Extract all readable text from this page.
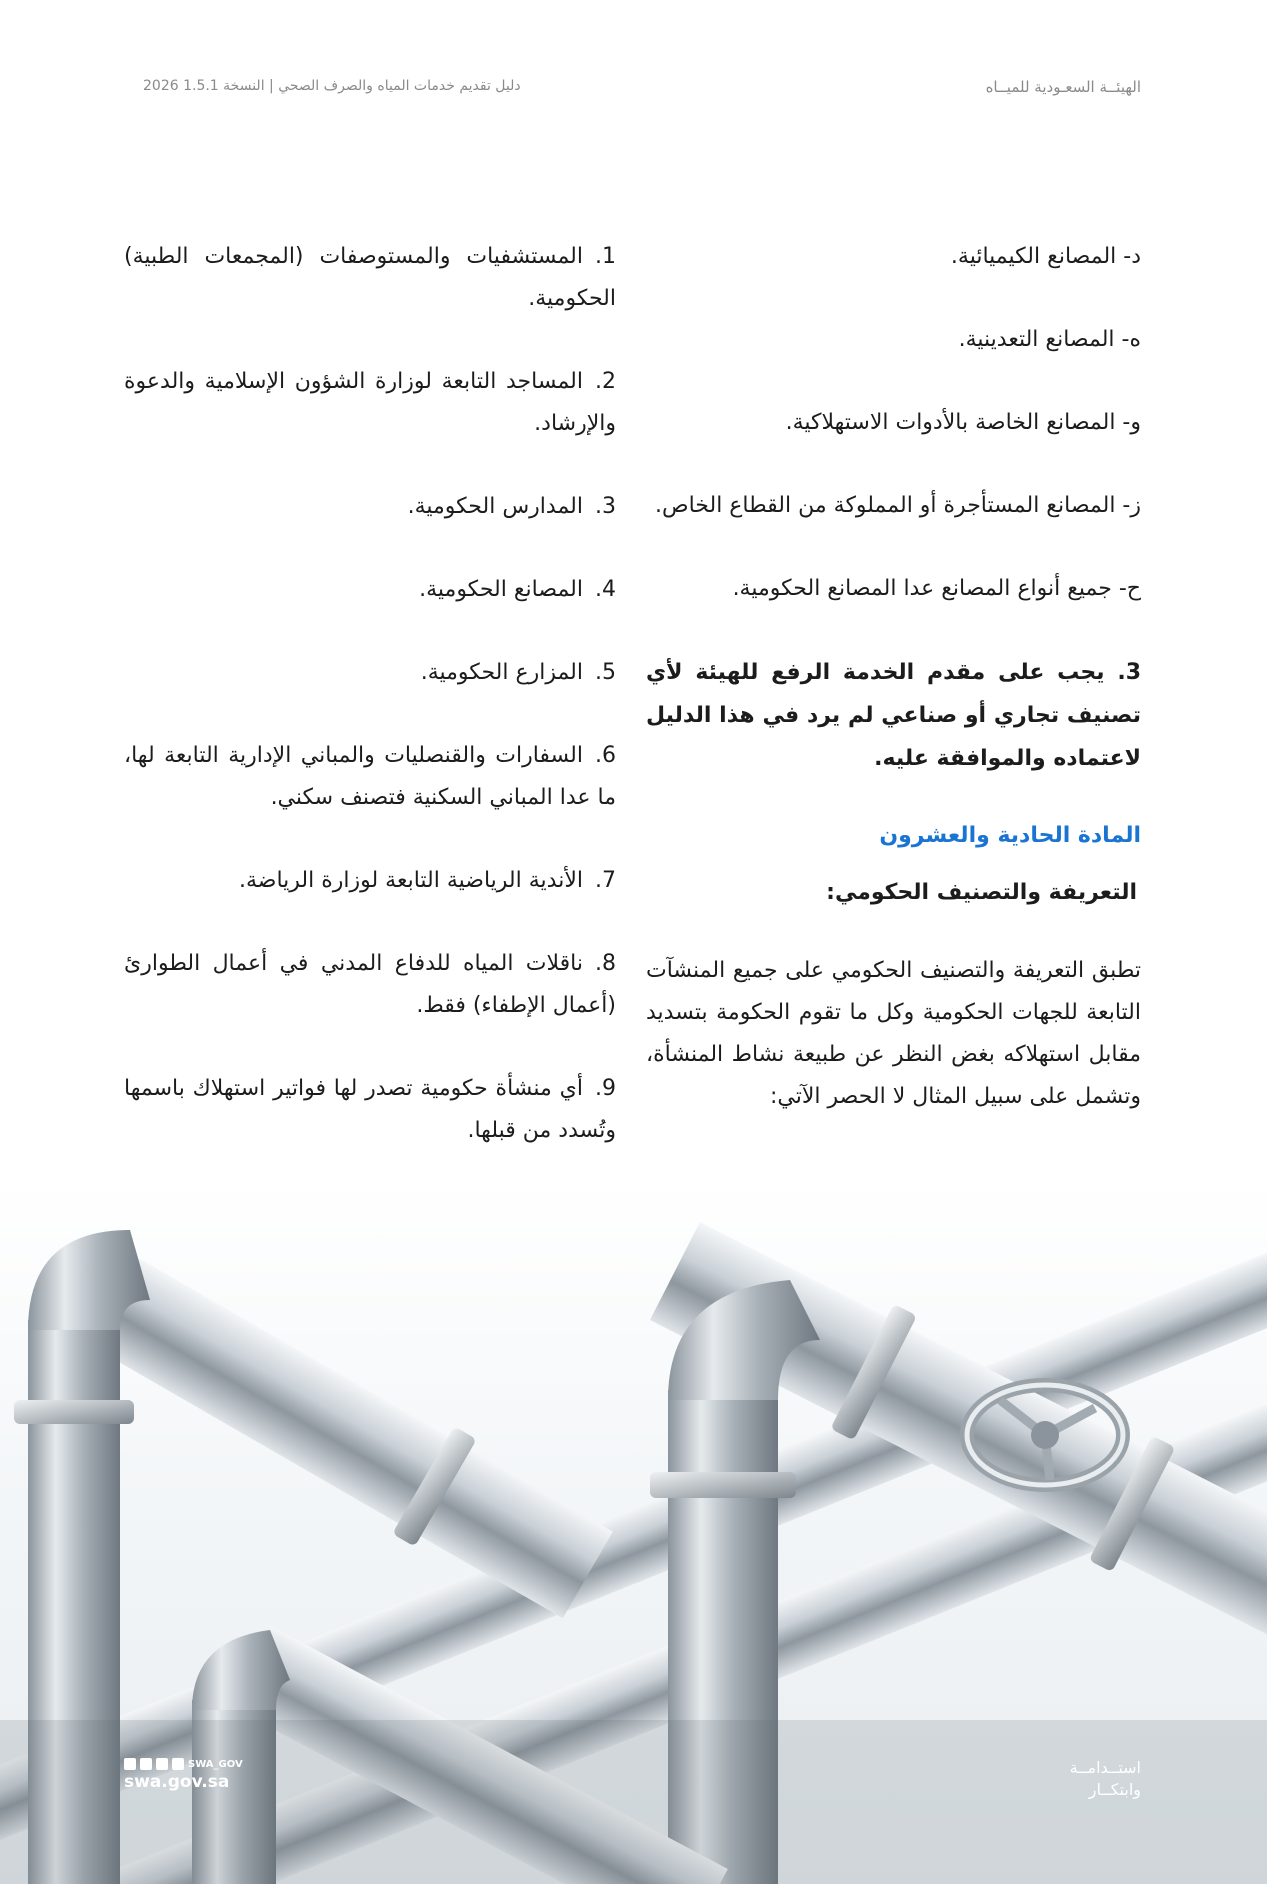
الهيئــة السعـودية للميــاه
دليل تقديم خدمات المياه والصرف الصحي | النسخة 1.5.1 2026

د- المصانع الكيميائية.

ه- المصانع التعدينية.

و- المصانع الخاصة بالأدوات الاستهلاكية.

ز- المصانع المستأجرة أو المملوكة من القطاع الخاص.

ح- جميع أنواع المصانع عدا المصانع الحكومية.

3. يجب على مقدم الخدمة الرفع للهيئة لأي تصنيف تجاري أو صناعي لم يرد في هذا الدليل لاعتماده والموافقة عليه.

المادة الحادية والعشرون
التعريفة والتصنيف الحكومي:

تطبق التعريفة والتصنيف الحكومي على جميع المنشآت التابعة للجهات الحكومية وكل ما تقوم الحكومة بتسديد مقابل استهلاكه بغض النظر عن طبيعة نشاط المنشأة، وتشمل على سبيل المثال لا الحصر الآتي:

1.المستشفيات والمستوصفات (المجمعات الطبية) الحكومية.

2.المساجد التابعة لوزارة الشؤون الإسلامية والدعوة والإرشاد.

3.المدارس الحكومية.

4.المصانع الحكومية.

5.المزارع الحكومية.

6.السفارات والقنصليات والمباني الإدارية التابعة لها، ما عدا المباني السكنية فتصنف سكني.

7.الأندية الرياضية التابعة لوزارة الرياضة.

8.ناقلات المياه للدفاع المدني في أعمال الطوارئ (أعمال الإطفاء) فقط.

9.أي منشأة حكومية تصدر لها فواتير استهلاك باسمها وتُسدد من قبلها.

SWA_GOV
swa.gov.sa
استــدامــة
وابتكــار
